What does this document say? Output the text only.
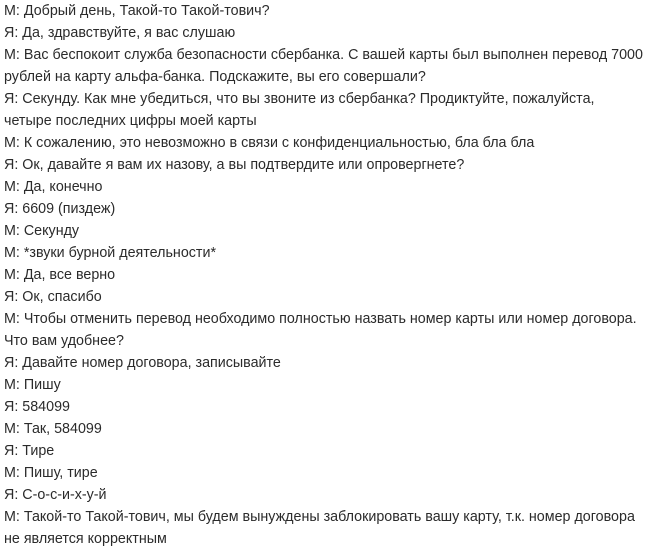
М: Добрый день, Такой-то Такой-тович?
Я: Да, здравствуйте, я вас слушаю
М: Вас беспокоит служба безопасности сбербанка. С вашей карты был выполнен перевод 7000 рублей на карту альфа-банка. Подскажите, вы его совершали?
Я: Секунду. Как мне убедиться, что вы звоните из сбербанка? Продиктуйте, пожалуйста, четыре последних цифры моей карты
М: К сожалению, это невозможно в связи с конфиденциальностью, бла бла бла
Я: Ок, давайте я вам их назову, а вы подтвердите или опровергнете?
М: Да, конечно
Я: 6609 (пиздеж)
М: Секунду
М: *звуки бурной деятельности*
М: Да, все верно
Я: Ок, спасибо
М: Чтобы отменить перевод необходимо полностью назвать номер карты или номер договора. Что вам удобнее?
Я: Давайте номер договора, записывайте
М: Пишу
Я: 584099
М: Так, 584099
Я: Тире
М: Пишу, тире
Я: С-о-с-и-х-у-й
М: Такой-то Такой-тович, мы будем вынуждены заблокировать вашу карту, т.к. номер договора не является корректным
